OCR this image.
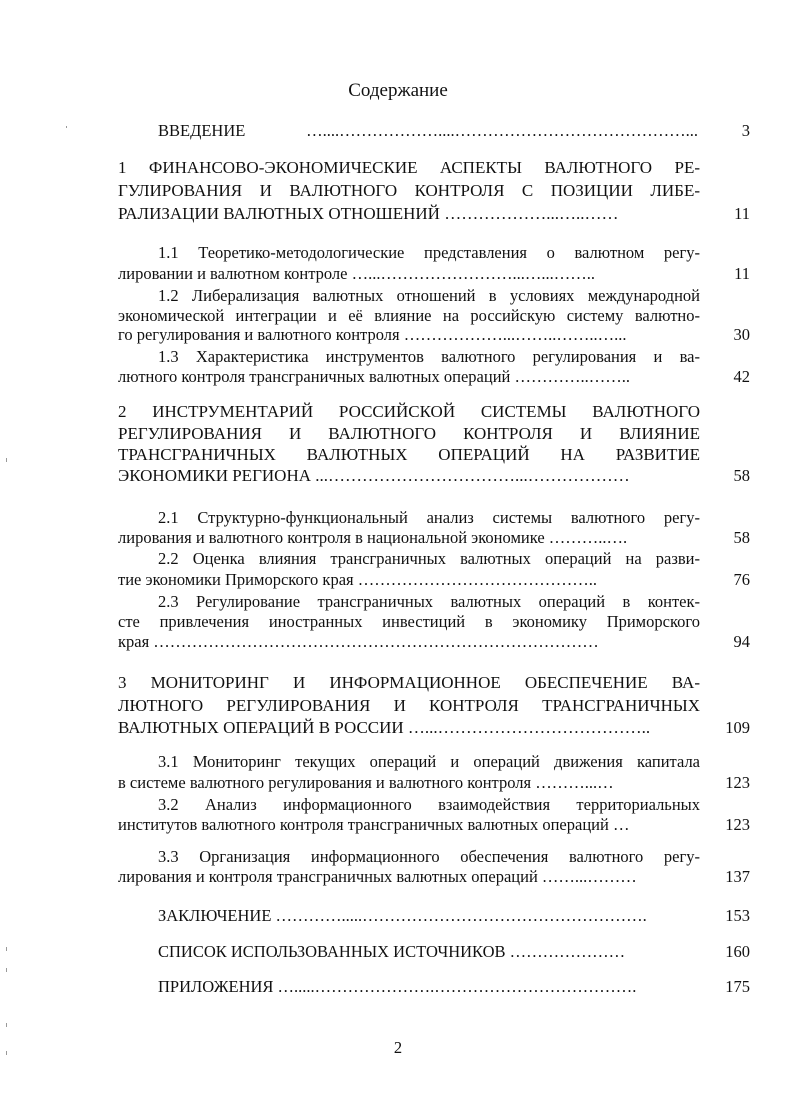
Содержание
ВВЕДЕНИЕ …....………………....……………………………………...	3
1 ФИНАНСОВО-ЭКОНОМИЧЕСКИЕ АСПЕКТЫ ВАЛЮТНОГО РЕ-
ГУЛИРОВАНИЯ И ВАЛЮТНОГО КОНТРОЛЯ С ПОЗИЦИИ ЛИБЕ-
РАЛИЗАЦИИ ВАЛЮТНЫХ ОТНОШЕНИЙ ………………...…..……	11
1.1 Теоретико-методологические представления о валютном регу-
лировании и валютном контроле …...……………………...…...……..	11
1.2 Либерализация валютных отношений в условиях международной
экономической интеграции и её влияние на российскую систему валютно-
го регулирования и валютного контроля ………………...……..……..…...	30
1.3 Характеристика инструментов валютного регулирования и ва-
лютного контроля трансграничных валютных операций …………..……..	42
2 ИНСТРУМЕНТАРИЙ РОССИЙСКОЙ СИСТЕМЫ ВАЛЮТНОГО
РЕГУЛИРОВАНИЯ И ВАЛЮТНОГО КОНТРОЛЯ И ВЛИЯНИЕ
ТРАНСГРАНИЧНЫХ ВАЛЮТНЫХ ОПЕРАЦИЙ НА РАЗВИТИЕ
ЭКОНОМИКИ РЕГИОНА ...……………………………...………………	58
2.1 Структурно-функциональный анализ системы валютного регу-
лирования и валютного контроля в национальной экономике ………..….	58
2.2 Оценка влияния трансграничных валютных операций на разви-
тие экономики Приморского края ……………………………………..	76
2.3 Регулирование трансграничных валютных операций в контек-
сте привлечения иностранных инвестиций в экономику Приморского
края ………………………………………………………………………	94
3 МОНИТОРИНГ И ИНФОРМАЦИОННОЕ ОБЕСПЕЧЕНИЕ ВА-
ЛЮТНОГО РЕГУЛИРОВАНИЯ И КОНТРОЛЯ ТРАНСГРАНИЧНЫХ
ВАЛЮТНЫХ ОПЕРАЦИЙ В РОССИИ …...………………………………..	109
3.1 Мониторинг текущих операций и операций движения капитала
в системе валютного регулирования и валютного контроля ………...…	123
3.2 Анализ информационного взаимодействия территориальных
институтов валютного контроля трансграничных валютных операций …	123
3.3 Организация информационного обеспечения валютного регу-
лирования и контроля трансграничных валютных операций ……...………	137
ЗАКЛЮЧЕНИЕ ………….....…………………………………………….	153
СПИСОК ИСПОЛЬЗОВАННЫХ ИСТОЧНИКОВ …………………	160
ПРИЛОЖЕНИЯ ….....………………….……………………………….	175
2
